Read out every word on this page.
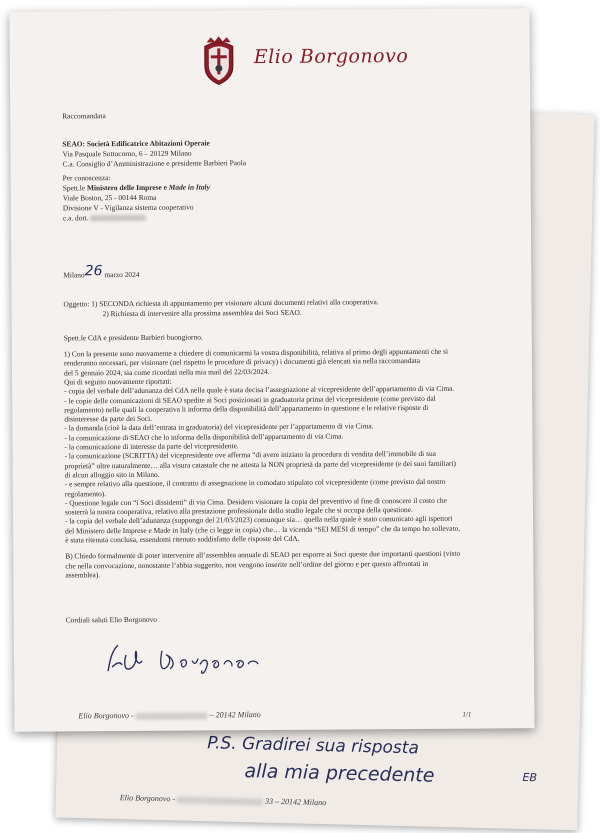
P.S. Gradirei sua risposta
alla mia precedente	EB
Elio Borgonovo -	33 – 20142 Milano
Elio Borgonovo
Raccomandata
SEAO: Società Edificatrice Abitazioni Operaie
Via Pasquale Sottocorno, 6 – 20129 Milano
C.a. Consiglio d’Amministrazione e presidente Barbieri Paola
Per conoscenza:
Spett.le Ministero delle Imprese e Made in Italy
Viale Boston, 25 - 00144 Roma
Divisione V - Vigilanza sistema cooperativo
c.a. dott.
Milano26 marzo 2024
Oggetto: 1) SECONDA richiesta di appuntamento per visionare alcuni documenti relativi alla cooperativa.
2) Richiesta di intervenire alla prossima assemblea dei Soci SEAO.
Spett.le CdA e presidente Barbieri buongiorno.
Cordiali saluti Elio Borgonovo
Elio Borgonovo -	– 20142 Milano	1/1
1) Con la presente sono nuovamente a chiedere di comunicarmi la vostra disponibilità, relativa al primo degli appuntamenti che si
renderanno necessari, per visionare (nel rispetto le procedure di privacy) i documenti già elencati sia nella raccomandata
del 5 gennaio 2024, sia come ricordati nella mia mail del 22/03/2024.
Qui di seguito nuovamente riportati:
- copia del verbale dell’adunanza del CdA nella quale è stata decisa l’assegnazione al vicepresidente dell’appartamento di via Cima.
- le copie delle comunicazioni di SEAO spedite ai Soci posizionati in graduatoria prima del vicepresidente (come previsto dal
regolamento) nelle quali la cooperativa li informa della disponibilità dell’appartamento in questione e le relative risposte di
disinteresse da parte dei Soci.
- la domanda (cioè la data dell’entrata in graduatoria) del vicepresidente per l’appartamento di via Cima.
- la comunicazione di SEAO che lo informa della disponibilità dell’appartamento di via Cima.
- la comunicazione di interesse da parte del vicepresidente.
- la comunicazione (SCRITTA) del vicepresidente ove afferma “di avere iniziato la procedura di vendita dell’immobile di sua
proprietà” oltre naturalmente… alla visura catastale che ne attesta la NON proprietà da parte del vicepresidente (e dei suoi familiari)
di alcun alloggio sito in Milano.
- e sempre relativo alla questione, il contratto di assegnazione in comodato stipulato col vicepresidente (come previsto dal nostro
regolamento).
- Questione legale con “i Soci dissidenti” di via Cima. Desidero visionare la copia del preventivo al fine di conoscere il costo che
sosterrà la nostra cooperativa, relativo alla prestazione professionale dello studio legale che si occupa della questione.
- la copia del verbale dell’adunanza (suppongo del 21/03/2023) comunque sia… quella nella quale è stato comunicato agli ispettori
del Ministero delle Imprese e Made in Italy (che ci legge in copia) che… la vicenda “SEI MESI di tempo” che da tempo ho sollevato,
è stata ritenuta conclusa, essendomi ritenuto soddisfatto delle risposte del CdA.
B) Chiedo formalmente di poter intervenire all’assemblea annuale di SEAO per esporre ai Soci queste due importanti questioni (visto
che nella convocazione, nonostante l’abbia suggerito, non vengono inserite nell’ordine del giorno e per questo affrontati in
assemblea).
